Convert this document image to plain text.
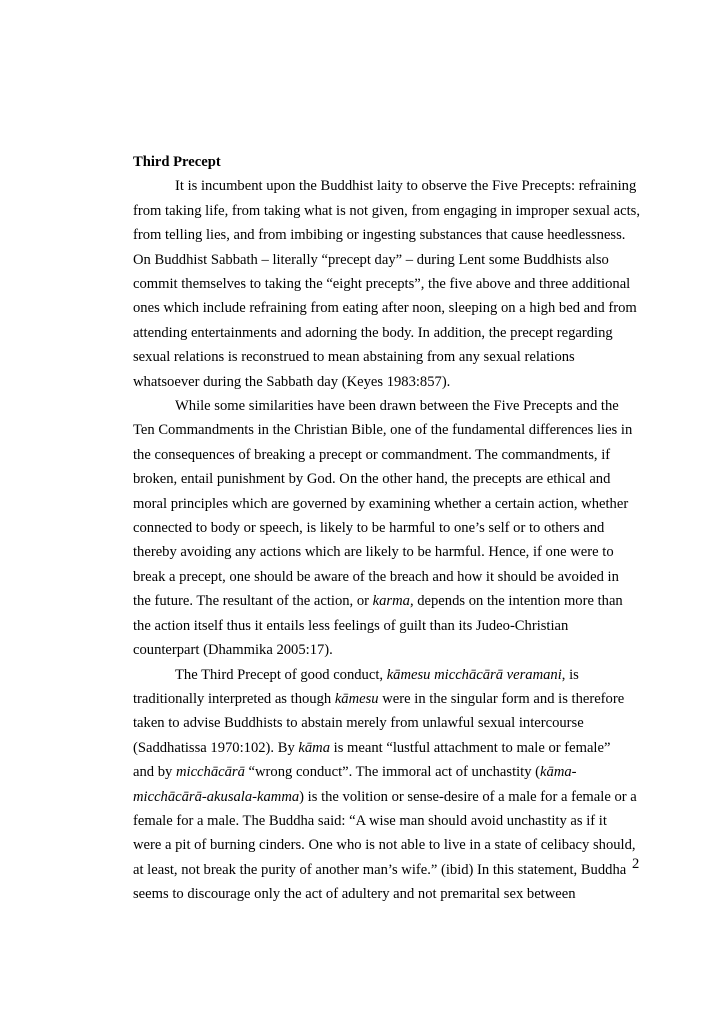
Third Precept

It is incumbent upon the Buddhist laity to observe the Five Precepts: refraining
from taking life, from taking what is not given, from engaging in improper sexual acts,
from telling lies, and from imbibing or ingesting substances that cause heedlessness.
On Buddhist Sabbath – literally “precept day” – during Lent some Buddhists also
commit themselves to taking the “eight precepts”, the five above and three additional
ones which include refraining from eating after noon, sleeping on a high bed and from
attending entertainments and adorning the body. In addition, the precept regarding
sexual relations is reconstrued to mean abstaining from any sexual relations
whatsoever during the Sabbath day (Keyes 1983:857).
While some similarities have been drawn between the Five Precepts and the
Ten Commandments in the Christian Bible, one of the fundamental differences lies in
the consequences of breaking a precept or commandment. The commandments, if
broken, entail punishment by God. On the other hand, the precepts are ethical and
moral principles which are governed by examining whether a certain action, whether
connected to body or speech, is likely to be harmful to one’s self or to others and
thereby avoiding any actions which are likely to be harmful. Hence, if one were to
break a precept, one should be aware of the breach and how it should be avoided in
the future. The resultant of the action, or karma, depends on the intention more than
the action itself thus it entails less feelings of guilt than its Judeo-Christian
counterpart (Dhammika 2005:17).
The Third Precept of good conduct, kāmesu micchācārā veramani, is
traditionally interpreted as though kāmesu were in the singular form and is therefore
taken to advise Buddhists to abstain merely from unlawful sexual intercourse
(Saddhatissa 1970:102). By kāma is meant “lustful attachment to male or female”
and by micchācārā “wrong conduct”. The immoral act of unchastity (kāma-
micchācārā-akusala-kamma) is the volition or sense-desire of a male for a female or a
female for a male. The Buddha said: “A wise man should avoid unchastity as if it
were a pit of burning cinders. One who is not able to live in a state of celibacy should,
at least, not break the purity of another man’s wife.” (ibid) In this statement, Buddha
seems to discourage only the act of adultery and not premarital sex between
2
